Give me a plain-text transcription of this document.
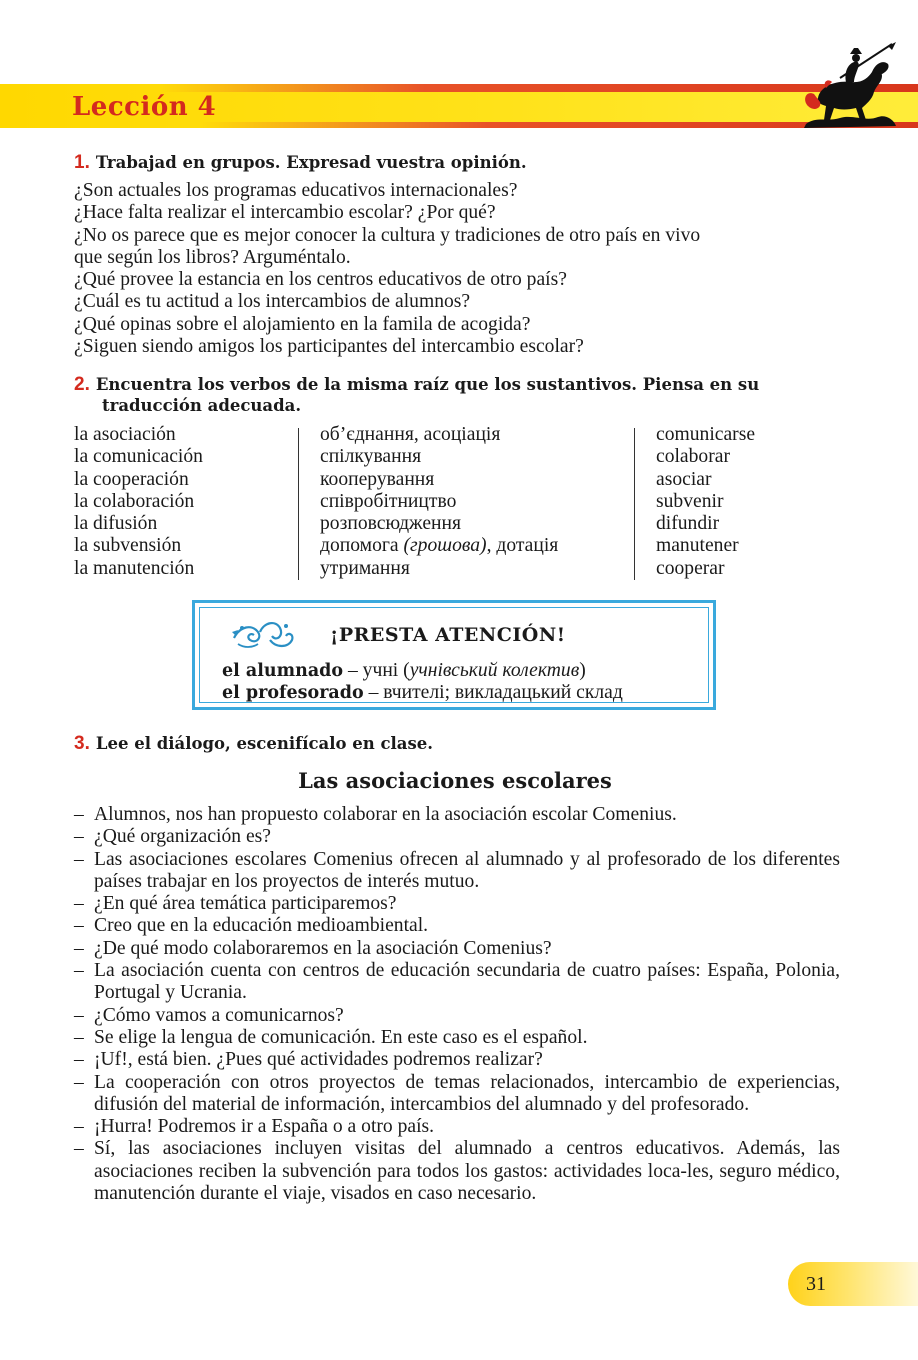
Lección 4
1. Trabajad en grupos. Expresad vuestra opinión.
¿Son actuales los programas educativos internacionales?
¿Hace falta realizar el intercambio escolar? ¿Por qué?
¿No os parece que es mejor conocer la cultura y tradiciones de otro país en vivo
que según los libros? Arguméntalo.
¿Qué provee la estancia en los centros educativos de otro país?
¿Cuál es tu actitud a los intercambios de alumnos?
¿Qué opinas sobre el alojamiento en la famila de acogida?
¿Siguen siendo amigos los participantes del intercambio escolar?
2. Encuentra los verbos de la misma raíz que los sustantivos. Piensa en su
traducción adecuada.
la asociación
la comunicación
la cooperación
la colaboración
la difusión
la subvensión
la manutención
об’єднання, асоціація
спілкування
кооперування
співробітництво
розповсюдження
допомога (грошова), дотація
утримання
comunicarse
colaborar
asociar
subvenir
difundir
manutener
cooperar

¡PRESTA ATENCIÓN!

el alumnado – учні (учнівський колектив)
el profesorado – вчителі; викладацький склад
3. Lee el diálogo, escenifícalo en clase.
Las asociaciones escolares
– Alumnos, nos han propuesto colaborar en la asociación escolar Comenius.
– ¿Qué organización es?
– Las asociaciones escolares Comenius ofrecen al alumnado y al profesorado de los diferentes países trabajar en los proyectos de interés mutuo.
– ¿En qué área temática participaremos?
– Creo que en la educación medioambiental.
– ¿De qué modo colaboraremos en la asociación Comenius?
– La asociación cuenta con centros de educación secundaria de cuatro países: España, Polonia, Portugal y Ucrania.
– ¿Cómo vamos a comunicarnos?
– Se elige la lengua de comunicación. En este caso es el español.
– ¡Uf!, está bien. ¿Pues qué actividades podremos realizar?
– La cooperación con otros proyectos de temas relacionados, intercambio de experiencias, difusión del material de información, intercambios del alumnado y del profesorado.
– ¡Hurra! Podremos ir a España o a otro país.
– Sí, las asociaciones incluyen visitas del alumnado a centros educativos. Además, las asociaciones reciben la subvención para todos los gastos: actividades loca-les, seguro médico, manutención durante el viaje, visados en caso necesario.

31
